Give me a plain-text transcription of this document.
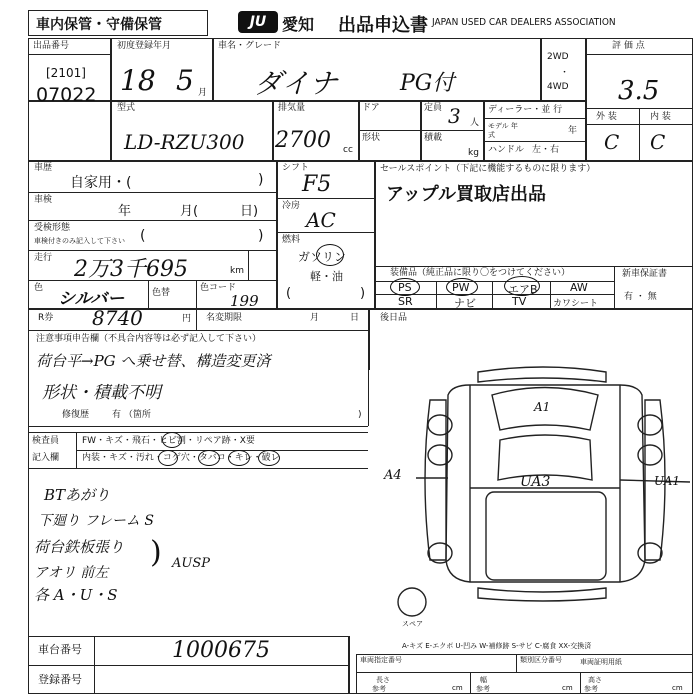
車内保管・守備保管	JU 愛知 出品申込書 JAPAN USED CAR DEALERS ASSOCIATION
出品番号
[2101]
07022
初度登録年月
18 5 月
車名・グレード
ダイナ	PG付
2WD
・
4WD
評 価 点
3.5
外 装	内 装
C C
型式
LD-RZU300
排気量
2700 cc
ドア
形状
定員 3 人
積載
kg
ディーラー・並 行
モデル 年式	年
ハンドル 左・右
車歴
自家用・(	)
車検
年	月(	日)
受検形態
車検付きのみ記入して下さい (	)
走行 2万3千695	km
色
シルバー	色替	色コード
199
シフト
F5
冷房
AC
燃料
ガソリン
軽・油
(	)
セールスポイント（下記に機能するものに限ります）
アップル買取店出品
装備品（純正品に限り〇をつけてください）
PS	PW	エアB	AW
SR	ナビ	TV	カワシート
新車保証書
有 ・ 無
R券 8740	円 名変期限	月	日 後日品
注意事項申告欄（不具合内容等は必ず記入して下さい）
荷台平→PG へ乗せ替、構造変更済
形状・積載不明
修復歴	有 （箇所	)
検査員
記入欄
FW・キズ・飛石・ヒビ割・リペア跡・X要
内装・キズ・汚れ・コゲ穴・タバコ・キレ・破レ
BTあがり
下廻り フレーム S
荷台鉄板張り
アオリ 前左
AUSP
各 A・U・S
)
A1
A4	UA3	UA1
スペア
A-キズ E-エクボ U-凹み W-補修跡 S-サビ C-腐食 XX-交換済
車台番号	1000675
登録番号
車両指定番号	類別区分番号
長さ
参考	cm
幅
参考	cm
高さ
参考	cm
車両証明用紙
